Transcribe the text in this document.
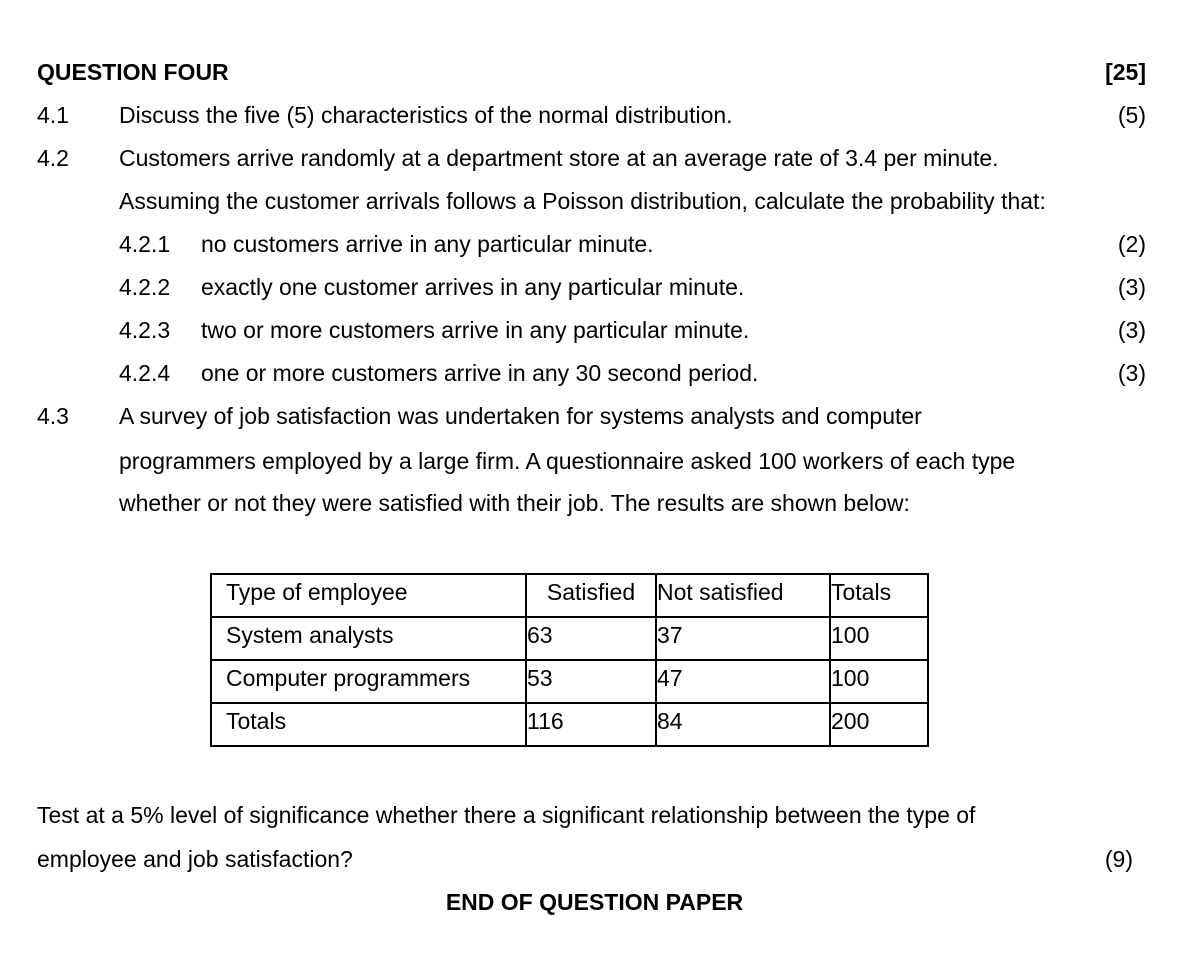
QUESTION FOUR	[25]
4.1 Discuss the five (5) characteristics of the normal distribution.	(5)
4.2 Customers arrive randomly at a department store at an average rate of 3.4 per minute.
Assuming the customer arrivals follows a Poisson distribution, calculate the probability that:
4.2.1 no customers arrive in any particular minute.	(2)
4.2.2 exactly one customer arrives in any particular minute.	(3)
4.2.3 two or more customers arrive in any particular minute.	(3)
4.2.4 one or more customers arrive in any 30 second period.	(3)
4.3 A survey of job satisfaction was undertaken for systems analysts and computer
programmers employed by a large firm. A questionnaire asked 100 workers of each type
whether or not they were satisfied with their job. The results are shown below:
Type of employee	Satisfied	Not satisfied	Totals

System analysts	63	37	100

Computer programmers	53	47	100

Totals	116	84	200
Test at a 5% level of significance whether there a significant relationship between the type of
employee and job satisfaction?	(9)
END OF QUESTION PAPER
